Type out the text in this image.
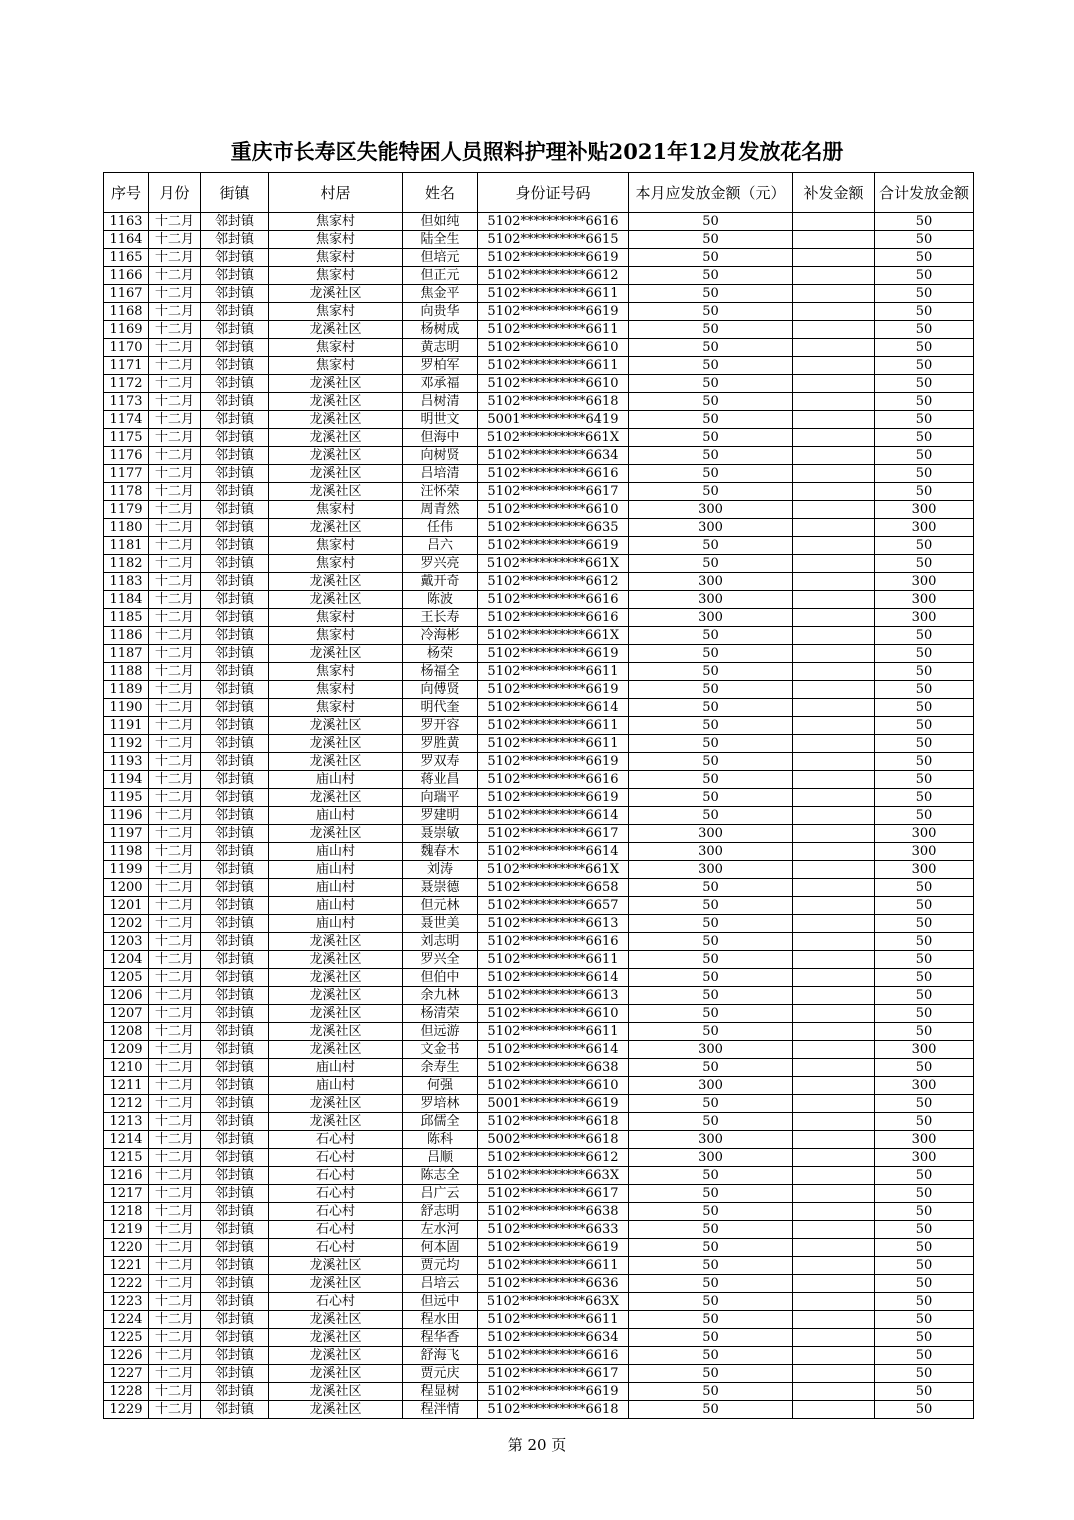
重庆市长寿区失能特困人员照料护理补贴2021年12月发放花名册
序号	月份	街镇	村居	姓名	身份证号码	本月应发放金额（元）	补发金额	合计发放金额
1163	十二月	邻封镇	焦家村	但如纯	5102**********6616	50		50
1164	十二月	邻封镇	焦家村	陆全生	5102**********6615	50		50
1165	十二月	邻封镇	焦家村	但培元	5102**********6619	50		50
1166	十二月	邻封镇	焦家村	但正元	5102**********6612	50		50
1167	十二月	邻封镇	龙溪社区	焦金平	5102**********6611	50		50
1168	十二月	邻封镇	焦家村	向贵华	5102**********6619	50		50
1169	十二月	邻封镇	龙溪社区	杨树成	5102**********6611	50		50
1170	十二月	邻封镇	焦家村	黄志明	5102**********6610	50		50
1171	十二月	邻封镇	焦家村	罗柏军	5102**********6611	50		50
1172	十二月	邻封镇	龙溪社区	邓承福	5102**********6610	50		50
1173	十二月	邻封镇	龙溪社区	吕树清	5102**********6618	50		50
1174	十二月	邻封镇	龙溪社区	明世文	5001**********6419	50		50
1175	十二月	邻封镇	龙溪社区	但海中	5102**********661X	50		50
1176	十二月	邻封镇	龙溪社区	向树贤	5102**********6634	50		50
1177	十二月	邻封镇	龙溪社区	吕培清	5102**********6616	50		50
1178	十二月	邻封镇	龙溪社区	汪怀荣	5102**********6617	50		50
1179	十二月	邻封镇	焦家村	周青然	5102**********6610	300		300
1180	十二月	邻封镇	龙溪社区	任伟	5102**********6635	300		300
1181	十二月	邻封镇	焦家村	吕六	5102**********6619	50		50
1182	十二月	邻封镇	焦家村	罗兴亮	5102**********661X	50		50
1183	十二月	邻封镇	龙溪社区	戴开奇	5102**********6612	300		300
1184	十二月	邻封镇	龙溪社区	陈波	5102**********6616	300		300
1185	十二月	邻封镇	焦家村	王长寿	5102**********6616	300		300
1186	十二月	邻封镇	焦家村	冷海彬	5102**********661X	50		50
1187	十二月	邻封镇	龙溪社区	杨荣	5102**********6619	50		50
1188	十二月	邻封镇	焦家村	杨福全	5102**********6611	50		50
1189	十二月	邻封镇	焦家村	向傅贤	5102**********6619	50		50
1190	十二月	邻封镇	焦家村	明代奎	5102**********6614	50		50
1191	十二月	邻封镇	龙溪社区	罗开容	5102**********6611	50		50
1192	十二月	邻封镇	龙溪社区	罗胜黄	5102**********6611	50		50
1193	十二月	邻封镇	龙溪社区	罗双寿	5102**********6619	50		50
1194	十二月	邻封镇	庙山村	蒋业昌	5102**********6616	50		50
1195	十二月	邻封镇	龙溪社区	向瑞平	5102**********6619	50		50
1196	十二月	邻封镇	庙山村	罗建明	5102**********6614	50		50
1197	十二月	邻封镇	龙溪社区	聂崇敏	5102**********6617	300		300
1198	十二月	邻封镇	庙山村	魏春木	5102**********6614	300		300
1199	十二月	邻封镇	庙山村	刘涛	5102**********661X	300		300
1200	十二月	邻封镇	庙山村	聂崇德	5102**********6658	50		50
1201	十二月	邻封镇	庙山村	但元林	5102**********6657	50		50
1202	十二月	邻封镇	庙山村	聂世美	5102**********6613	50		50
1203	十二月	邻封镇	龙溪社区	刘志明	5102**********6616	50		50
1204	十二月	邻封镇	龙溪社区	罗兴全	5102**********6611	50		50
1205	十二月	邻封镇	龙溪社区	但伯中	5102**********6614	50		50
1206	十二月	邻封镇	龙溪社区	余九林	5102**********6613	50		50
1207	十二月	邻封镇	龙溪社区	杨清荣	5102**********6610	50		50
1208	十二月	邻封镇	龙溪社区	但远游	5102**********6611	50		50
1209	十二月	邻封镇	龙溪社区	文金书	5102**********6614	300		300
1210	十二月	邻封镇	庙山村	余寿生	5102**********6638	50		50
1211	十二月	邻封镇	庙山村	何强	5102**********6610	300		300
1212	十二月	邻封镇	龙溪社区	罗培林	5001**********6619	50		50
1213	十二月	邻封镇	龙溪社区	邱儒全	5102**********6618	50		50
1214	十二月	邻封镇	石心村	陈科	5002**********6618	300		300
1215	十二月	邻封镇	石心村	吕顺	5102**********6612	300		300
1216	十二月	邻封镇	石心村	陈志全	5102**********663X	50		50
1217	十二月	邻封镇	石心村	吕广云	5102**********6617	50		50
1218	十二月	邻封镇	石心村	舒志明	5102**********6638	50		50
1219	十二月	邻封镇	石心村	左水河	5102**********6633	50		50
1220	十二月	邻封镇	石心村	何本固	5102**********6619	50		50
1221	十二月	邻封镇	龙溪社区	贾元均	5102**********6611	50		50
1222	十二月	邻封镇	龙溪社区	吕培云	5102**********6636	50		50
1223	十二月	邻封镇	石心村	但远中	5102**********663X	50		50
1224	十二月	邻封镇	龙溪社区	程水田	5102**********6611	50		50
1225	十二月	邻封镇	龙溪社区	程华香	5102**********6634	50		50
1226	十二月	邻封镇	龙溪社区	舒海飞	5102**********6616	50		50
1227	十二月	邻封镇	龙溪社区	贾元庆	5102**********6617	50		50
1228	十二月	邻封镇	龙溪社区	程显树	5102**********6619	50		50
1229	十二月	邻封镇	龙溪社区	程泮情	5102**********6618	50		50
第 20 页
